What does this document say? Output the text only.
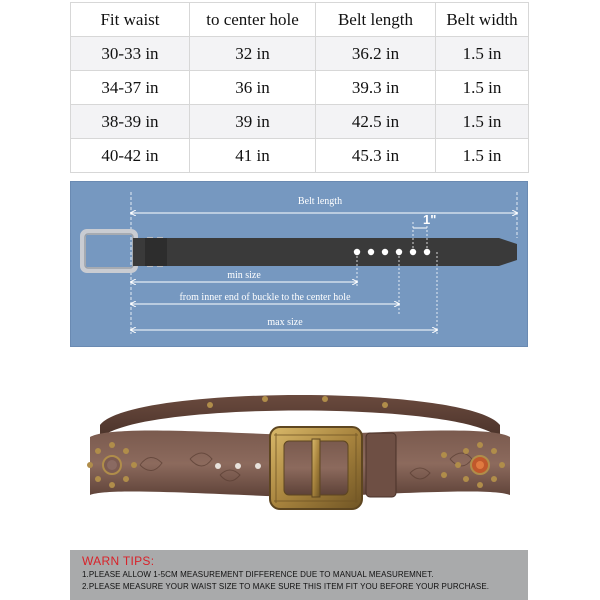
Fit waist	to center hole	Belt length	Belt width
30-33 in	32 in	36.2 in	1.5 in
34-37 in	36 in	39.3 in	1.5 in
38-39 in	39 in	42.5 in	1.5 in
40-42 in	41 in	45.3 in	1.5 in
Belt length
1"
min size
from inner end of buckle to the center hole
max size
WARN TIPS:
1.PLEASE ALLOW 1-5CM MEASUREMENT DIFFERENCE DUE TO MANUAL MEASUREMNET.
2.PLEASE MEASURE YOUR WAIST SIZE TO MAKE SURE THIS ITEM FIT YOU BEFORE YOUR PURCHASE.
